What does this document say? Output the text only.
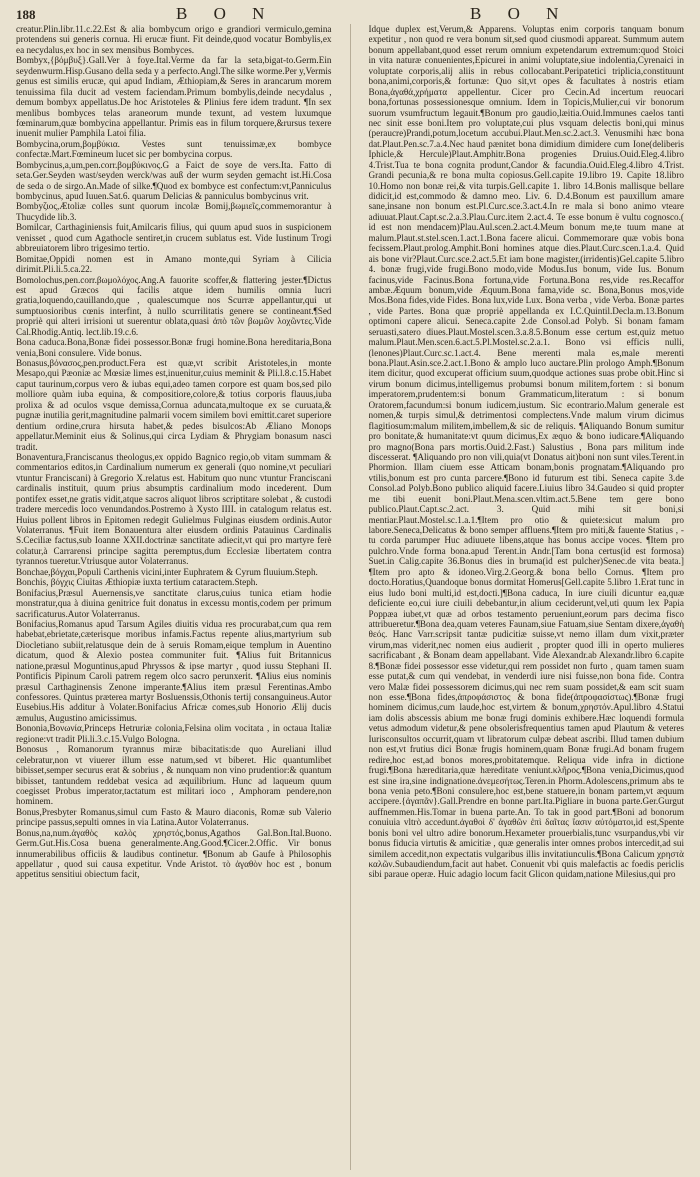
188	B O N	B O N

creatur.Plin.libr.11.c.22.Est & alia bombycum origo e grandiori vermiculo,gemina protendens sui generis cornua. Hi erucæ fiunt. Fit deinde,quod vocatur Bombylis,ex ea necydalus,ex hoc in sex mensibus Bombyces.

Bombyx,{βόμβυξ}.Gall.Ver à foye.Ital.Verme da far la seta,bigat-to.Germ.Ein seydenwurm.Hisp.Gusano della seda y a perfecto.Angl.The silke worme.Per y,Vermis genus est similis erucæ, qui apud Indiam, Æthiopiam,& Seres in arancarum morem tenuissima fila ducit ad vestem faciendam.Primum bombylis,deinde necydalus , demum bombyx appellatus.De hoc Aristoteles & Plinius fere idem tradunt. ¶In sex menlibus bombyces telas araneorum munde texunt, ad vestem luxumque fœminarum,quæ bombycina appellantur. Primis eas in filum torquere,&rursus texere inuenit mulier Pamphila Latoi filia.

Bombycina,orum,βομβύκια. Vestes sunt tenuissimæ,ex bombyce confectæ.Mart.Fœmineum lucet sic per bombycina corpus.

Bombycinus,a,um,pen.corr.βομβύκινος.G a Faict de soye de vers.Ita. Fatto di seta.Ger.Seyden wast/seyden werck/was auß der wurm seyden gemacht ist.Hi.Cosa de seda o de sirgo.An.Made of silke.¶Quod ex bombyce est confectum:vt,Panniculus bombycinus, apud Iuuen.Sat.6. quarum Delicias & panniculus bombycinus vrit.

Bombyζιος,Ætoliæ colles sunt quorum incolæ Bomij,βωμιεῖς,commemorantur à Thucydide lib.3.

Bomilcar, Carthaginiensis fuit,Amilcaris filius, qui quum apud suos in suspicionem venisset , quod cum Agathocle sentiret,in crucem sublatus est. Vide Iustinum Trogi abbreuiatorem libro trigesimo tertio.

Bomitae,Oppidi nomen est in Amano monte,qui Syriam à Cilicia dirimit.Pli.li.5.ca.22.

Bomolochus,pen.corr.βωμολόχος.Ang.A fauorite scoffer,& flattering jester.¶Dictus est apud Græcos qui facilis atque idem humilis omnia lucri gratia,loquendo,cauillando,que , qualescumque nos Scurræ appellantur,qui ut sumptuosioribus cœnis interfint, à nullo scurrilitatis genere se contineant.¶Sed propriè qui alteri irrisioni ut suerentur oblata,quasi ἀπὸ τῶν βωμῶν λοχῶντες.Vide Cal.Rhodig.Antiq. lect.lib.19.c.6.

Bona caduca.Bona,Bonæ fidei possessor.Bonæ frugi homine.Bona hereditaria,Bona venia,Boni consulere. Vide bonus.

Bonasus,βόνασος,pen.product.Fera est quæ,vt scribit Aristoteles,in monte Mesapo,qui Pæoniæ ac Mœsiæ limes est,inuenitur,cuius meminit & Pli.l.8.c.15.Habet caput taurinum,corpus vero & iubas equi,adeo tamen corpore est quam bos,sed pilo molliore quàm iuba equina, & compositiore,colore,& totius corporis flauus,iuba prolixa & ad oculos vsque demissa,Cornua aduncata,multoque ex se curuata,& pugnæ inutilia gerit,magnitudine palmarii vocem similem bovi emittit.caret superiore dentium ordine,crura hirsuta habet,& pedes bisulcos:Ab Æliano Monops appellatur.Meminit eius & Solinus,qui circa Lydiam & Phrygiam bonasum nasci tradit.

Bonaventura,Franciscanus theologus,ex oppido Bagnico regio,ob vitam summam & commentarios editos,in Cardinalium numerum ex generali (quo nomine,vt peculiari vtuntur Franciscani) à Gregorio X.relatus est. Habitum quo nunc vtuntur Franciscani cardinalis instituit, quum prius absumptis cardinalium modo incederent. Dum pontifex esset,ne gratis vidit,atque sacros aliquot libros scriptitare solebat , & custodi tradere mercedis loco venundandos.Postremo à Xysto IIII. in catalogum relatus est. Huius pollent libros in Epitomen redegit Gulielmus Fulginas eiusdem ordinis.Autor Volaterranus. ¶Fuit item Bonauentura alter eiusdem ordinis Patauinus Cardinalis S.Ceciliæ factus,sub Ioanne XXII.doctrinæ sanctitate adiecit,vt qui pro martyre ferè colatur,à Carrarensi principe sagitta peremptus,dum Ecclesiæ libertatem contra tyrannos tueretur.Vtriusque autor Volaterranus.

Bonchae,βόγχαι,Populi Carthenis vicini,inter Euphratem & Cyrum fluuium.Steph.

Bonchis, βόγχις Ciuitas Æthiopiæ iuxta tertium cataractem.Steph.

Bonifacius,Præsul Auernensis,ve sanctitate clarus,cuius tunica etiam hodie monstratur,qua à diuina genitrice fuit donatus in excessu montis,codem per primum sacrificaturus.Autor Volaterranus.

Bonifacius,Romanus apud Tarsum Agiles diuitis vidua res procurabat,cum qua rem habebat,ebrietate,cæterisque moribus infamis.Factus repente alius,martyrium sub Diocletiano subiit,relatusque dein de à seruis Romam,eique templum in Auentino dicatum, quod & Alexio postea communiter fuit. ¶Alius fuit Britannicus natione,præsul Moguntinus,apud Phryssos & ipse martyr , quod iussu Stephani II. Pontificis Pipinum Caroli patrem regem olco sacro perunxerit. ¶Alius eius nominis præsul Carthaginensis Zenone imperante.¶Alius item præsul Ferentinas.Ambo confessores. Quintus præterea martyr Bosluenssis,Othonis tertij consanguineus.Autor Eusebius.His additur à Volater.Bonifacius Africæ comes,sub Honorio Ælij ducis æmulus, Augustino amicissimus.

Bononia,Βονωνία,Princeps Hetruriæ colonia,Felsina olim vocitata , in octaua Italiæ regione:vt tradit Pli.li.3.c.15.Vulgo Bologna.

Bonosus , Romanorum tyrannus miræ bibacitatis:de quo Aureliani illud celebratur,non vt viuerer illum esse natum,sed vt biberet. Hic quantumlibet bibisset,semper securus erat & sobrius , & nunquam non vino prudentior:& quantum bibisset, tantundem reddebat vesica ad æquilibrium. Hunc ad laqueum quum coegisset Probus imperator,tactatum est militari ioco , Amphoram pendere,non hominem.

Bonus,Presbyter Romanus,simul cum Fasto & Mauro diaconis, Romæ sub Valerio principe passus,sepulti omnes in via Latina.Autor Volaterranus.

Bonus,na,num.ἀγαθὸς καλὸς χρηστός,bonus,Agathos Gal.Bon.Ital.Buono. Germ.Gut.His.Cosa buena generalmente.Ang.Good.¶Cicer.2.Offic. Vir bonus innumerabilibus officiis & laudibus continetur. ¶Bonum ab Gaufe à Philosophis appellatur , quod sui causa expetitur. Vnde Aristot. τὸ ἀγαθὸν hoc est , bonum appetitus sensitiui obiectum facit,

Idque duplex est,Verum,& Apparens. Voluptas enim corporis tanquam bonum expetitur , non quod re vera bonum sit,sed quod ciusmodi appareat. Summum autem bonum appellabant,quod esset rerum omnium expetendarum extremum:quod Stoici in vita naturæ conuenientes,Epicurei in animi voluptate,siue indolentia,Cyrenaici in voluptate corporis,alij aliis in rebus collocabant.Peripatetici triplicia,constituunt bona,animi,corporis,& fortunæ: Quo sit,vt opes & facultates à nostris etiam Bona,ἀγαθά,χρήματα appellentur. Cicer pro Cecin.Ad incertum reuocari bona,fortunas possessionesque omnium. Idem in Topicis,Mulier,cui vir bonorum suorum vsumfructum legauit.¶Bonum pro gaudio,læitia.Ouid.Immunes caelos tanti nec sinit esse boni.Item pro voluptate,cui plus vsquam delectis boni,qui minus (peraucre)Prandi,potum,locetum accubui.Plaut.Men.sc.2.act.3. Venusmihi hæc bona dat.Plaut.Pen.sc.7.a.4.Nec haud pænitet bona dimidium dimidere cum Ione(deliberis Iphicle,& Hercule)Plaut.Amphitr.Bona progenies Druius.Ouid.Eleg.4.libro 4.Trist.Tua te bona cognita produnt,Candor & facundia.Ouid.Eleg.4.libro 4.Trist. Grandi pecunia,& re bona multa copiosus.Gell.capite 19.libro 19. Capite 18.libro 10.Homo non bonæ rei,& vita turpis.Gell.capite 1. libro 14.Bonis mallisque bellare didicit,id est,commodo & damno meo. Liv. 6. D.4.Bonum est pauxillum amare sane,insane non bonum est.Pl.Curc.sce.3.act.4.In re mala si bono animo vteare adiuuat.Plaut.Capt.sc.2.a.3.Plau.Curc.item 2.act.4. Te esse bonum ë vultu cognosco.( id est non mendacem)Plau.Aul.scen.2.act.4.Meum bonum me,te tuum mane at malum.Plaut.st.stel.scen.1.act.1.Bona facere alicui. Commemorare quæ vobis bona fecissem.Plaut.prolog.Amphit.Boni homines atque dies.Plaut.Curc.scen.1.a.4. Quid ais bone vir?Plaut.Curc.sce.2.act.5.Et iam bone magister,(irridentis)Gel.capite 5.libro 4. bonæ frugi,vide frugi.Bono modo,vide Modus.Ius bonum, vide Ius. Bonum facinus,vide Facinus.Bona fortuna,vide Fortuna.Bona res,vide res.Recaffor ambæ.Æquum bonum,vide Æquum.Bona fama,vide sc. Bona,Bonus mos,vide Mos.Bona fides,vide Fides. Bona lux,vide Lux. Bona verba , vide Verba. Bonæ partes , vide Partes. Bona quæ propriè appellanda ex I.C.Quintil.Decla.m.13.Bonum optimoni capere alicui. Seneca.capite 2.de Consol.ad Polyb. Si bonam famam seruasti,satero diues.Plaut.Mostel.scen.3.a.8.5.Bonum esse certum est,quiz metuo malum.Plaut.Men.scen.6.act.5.Pl.Mostel.sc.2.a.1. Bono vsi efficis nulli,(lenones)Plaut.Curc.sc.1.act.4. Bene merenti mala es,male merenti bona.Plaut.Asin.sce.2.act.1.Bono & amplo luco auctare.Plin prologo Amph.¶Bonum item dicitur, quod excuperat officium suum,quodque actiones suas probe obit.Hinc si virum bonum dicimus,intelligemus probumsi bonum militem,fortem : si bonum imperatorem,prudentem:si bonum Grammaticum,literatum : si bonum Oratorem,facundum:si bonum iudicem,iustum. Sic econtrario.Malum generale est nomen,& turpis simul,& detrimentosi complectens.Vnde malum virum dicimus flagitiosum:malum militem,imbellem,& sic de reliquis. ¶Aliquando Bonum sumitur pro bonitate,& humanitate:vt quum dicimus,Ex æquo & bono iudicare.¶Aliquando pro magno(Bona pars mortis.Ouid.2.Fast.) Salustius , Bona pars militum inde discesserat. ¶Aliquando pro non vili,quia(vt Donatus ait)boni non sunt viles.Terent.in Phormion. Illam ciuem esse Atticam bonam,bonis prognatam.¶Aliquando pro vtilis,bonum est pro cunta parcere.¶Bono id futurum est tibi. Seneca capite 3.de Consol.ad Polyb.Bono publico aliquid facere.Liuius libro 34.Gaudeo si quid propter me tibi euenit boni.Plaut.Mena.scen.vltim.act.5.Bene tem gere bono publico.Plaut.Capt.sc.2.act. 3. Quid mihi sit boni,si mentiar.Plaut.Mostel.sc.1.a.1.¶Item pro otio & quiete:sicut malum pro labore.Seneca,Delicatus & bono semper affluens.¶Item pro miti,& fauente Statius , -tu corda parumper Huc adiuuete libens,atque has bonus accipe voces. ¶Item pro pulchro.Vnde forma bona.apud Terent.in Andr.[Tam bona certus(id est formosa) Suet.in Calig.capite 36.Bonus dies in bruma(id est pulcher)Senec.de vita beata.] ¶Item pro apto & idoneo.Virg.2.Georg.& bona bello Cornus. ¶Item pro docto.Horatius,Quandoque bonus dormitat Homerus[Gell.capite 5.libro 1.Erat tunc in eius ludo boni multi,id est,docti.]¶Bona caduca, In iure ciuili dicuntur ea,quæ deficiente eo,cui iure ciuili debebantur,in alium ceciderunt,vel,uti quum lex Papia Poppæa iubet,vt quæ ad orbos testamento perueniunt,eorum pars decima fisco attribueretur.¶Bona dea,quam veteres Faunam,siue Fatuam,siue Sentam dixere,ἀγαθὴ θεός. Hanc Varr.scripsit tantæ pudicitiæ suisse,vt nemo illam dum vixit,præter virum,mas viderit,nec nomen eius audierit , propter quod illi in operto mulieres sacrificabant , & Bonam deam appellabant. Vide Alexandr.ab Alexandr.libro 6.capite 8.¶Bonæ fidei possessor esse videtur,qui rem possidet non furto , quam tamen suam esse putat,& cum qui vendebat, in venderdi iure nisi fuisse,non bona fide. Contra vero Malæ fidei possessorem dicimus,qui nec rem suam possidet,& eam scit suam non esse.¶Bona fides,ἀπροφάσιστος & bona fide(ἀπροφασίστως).¶Bonæ frugi hominem dicimus,cum laude,hoc est,virtem & bonum,χρηστόν.Apul.libro 4.Statui iam dolis abscessis abium me bonæ frugi dominis exhibere.Hæc loquendi formula vetus admodum videtur,& pene obsolerisfrequentius tamen apud Plautum & veteres Iurisconsultos occurrit,quam vt libratorum culpæ debeat ascribi. Illud tamen dubium non est,vt frutius dici Bonæ frugis hominem,quam Bonæ frugi.Ad bonam frugem redire,hoc est,ad bonos mores,probitatemque. Reliqua vide infra in dictione frugi.¶Bona hæreditaria,quæ hæreditate veniunt.κλῆρος.¶Bona venia,Dicimus,quod est sine ira,sine indignatione.ἀνεμεσήτως.Teren.in Phorm.Adolescens,primum abs te bona venia peto.¶Boni consulere,hoc est,bene statuere,in bonam partem,vt æquum accipere.{ἀγαπᾶν}.Gall.Prendre en bonne part.Ita.Pigliare in buona parte.Ger.Gurgut auffnemmen.His.Tomar in buena parte.An. To tak in good part.¶Boni ad bonorum conuiuia vltrò accedunt.ἀγαθοὶ δ' ἀγαθῶν ἐπὶ δαῖτας ἴασιν αὐτόματοι,id est,Spente bonis boni vel ultro adire bonorum.Hexameter prouerbialis,tunc vsurpandus,vbi vir bonus fiducia virtutis & amicitiæ , quæ generalis inter omnes probos intercedit,ad sui similem accedit,non expectatis vulgaribus illis invitatiunculis.¶Bona Calicum χρηστὰ καλῶν.Subaudiendum,facit aut habet. Conuenit vbi quis malefactis ac foedis periclis sibi paraue operæ. Huic adagio locum facit Glicon quidam,natione Milesius,qui pro
